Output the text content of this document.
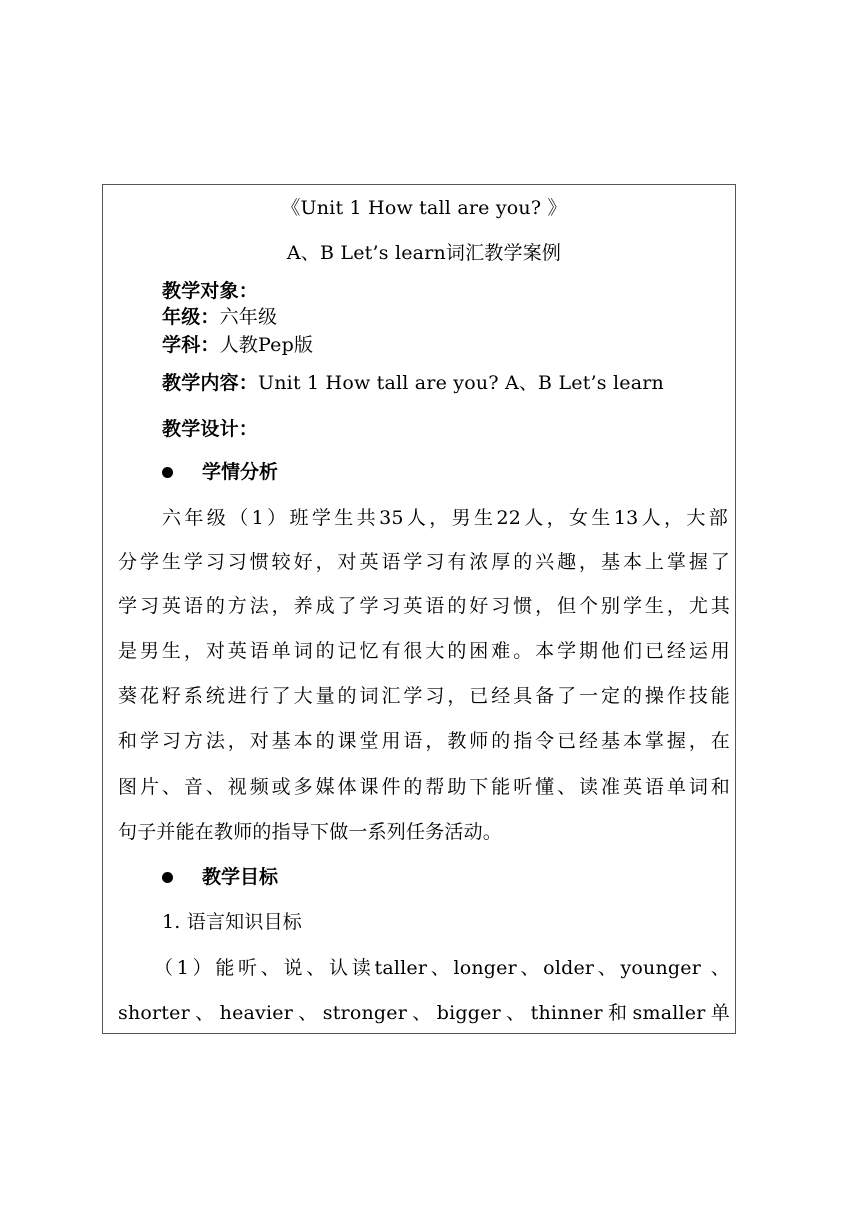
《Unit 1 How tall are you? 》
A、B Let’s learn词汇教学案例
教学对象：
年级：六年级
学科：人教Pep版
教学内容：Unit 1 How tall are you? A、B Let’s learn
教学设计：
学情分析
六年级（1）班学生共35人，男生22人，女生13人，大部
分学生学习习惯较好，对英语学习有浓厚的兴趣，基本上掌握了
学习英语的方法，养成了学习英语的好习惯，但个别学生，尤其
是男生，对英语单词的记忆有很大的困难。本学期他们已经运用
葵花籽系统进行了大量的词汇学习，已经具备了一定的操作技能
和学习方法，对基本的课堂用语，教师的指令已经基本掌握，在
图片、音、视频或多媒体课件的帮助下能听懂、读准英语单词和
句子并能在教师的指导下做一系列任务活动。
教学目标
1. 语言知识目标
（1）能听、说、认读taller、longer、older、younger 、
shorter、heavier、stronger、bigger、thinner和smaller单
